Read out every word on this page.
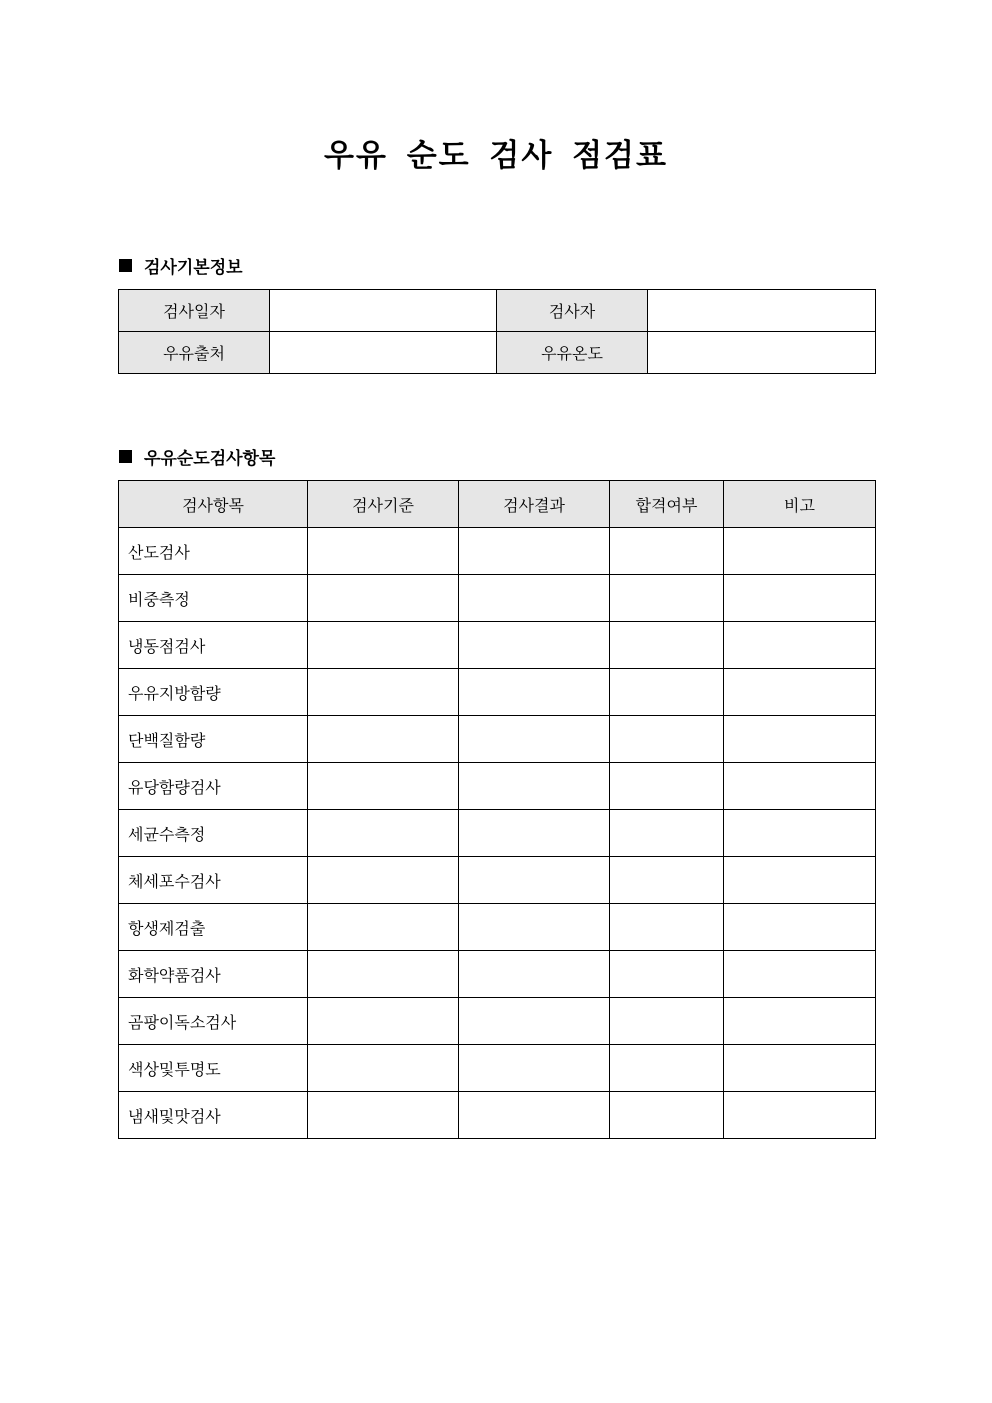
우유 순도 검사 점검표
검사기본정보
검사일자		검사자	
우유출처		우유온도	
우유순도검사항목
검사항목	검사기준	검사결과	합격여부	비고
산도검사				
비중측정				
냉동점검사				
우유지방함량				
단백질함량				
유당함량검사				
세균수측정				
체세포수검사				
항생제검출				
화학약품검사				
곰팡이독소검사				
색상및투명도				
냄새및맛검사				
